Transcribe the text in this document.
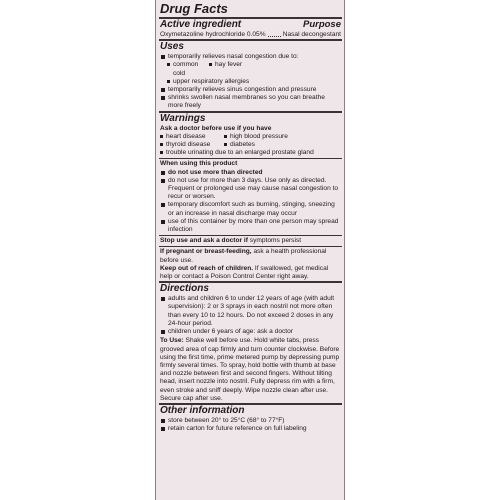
Drug Facts
Active ingredient	Purpose
Oxymetazoline hydrochloride 0.05%	Nasal decongestant
Uses
temporarily relieves nasal congestion due to:
common cold
hay fever
upper respiratory allergies
temporarily relieves sinus congestion and pressure
shrinks swollen nasal membranes so you can breathe more freely
Warnings
Ask a doctor before use if you have
heart disease	high blood pressure
thyroid disease	diabetes
trouble urinating due to an enlarged prostate gland
When using this product
do not use more than directed
do not use for more than 3 days. Use only as directed. Frequent or prolonged use may cause nasal congestion to recur or worsen.
temporary discomfort such as burning, stinging, sneezing or an increase in nasal discharge may occur
use of this container by more than one person may spread infection
Stop use and ask a doctor if symptoms persist
If pregnant or breast-feeding, ask a health professional before use.
Keep out of reach of children. If swallowed, get medical help or contact a Poison Control Center right away.
Directions
adults and children 6 to under 12 years of age (with adult supervision): 2 or 3 sprays in each nostril not more often than every 10 to 12 hours. Do not exceed 2 doses in any 24-hour period.
children under 6 years of age: ask a doctor
To Use: Shake well before use. Hold white tabs, press grooved area of cap firmly and turn counter clockwise. Before using the first time, prime metered pump by depressing pump firmly several times. To spray, hold bottle with thumb at base and nozzle between first and second fingers. Without tilting head, insert nozzle into nostril. Fully depress rim with a firm, even stroke and sniff deeply. Wipe nozzle clean after use. Secure cap after use.
Other information
store between 20° to 25°C (68° to 77°F)
retain carton for future reference on full labeling
